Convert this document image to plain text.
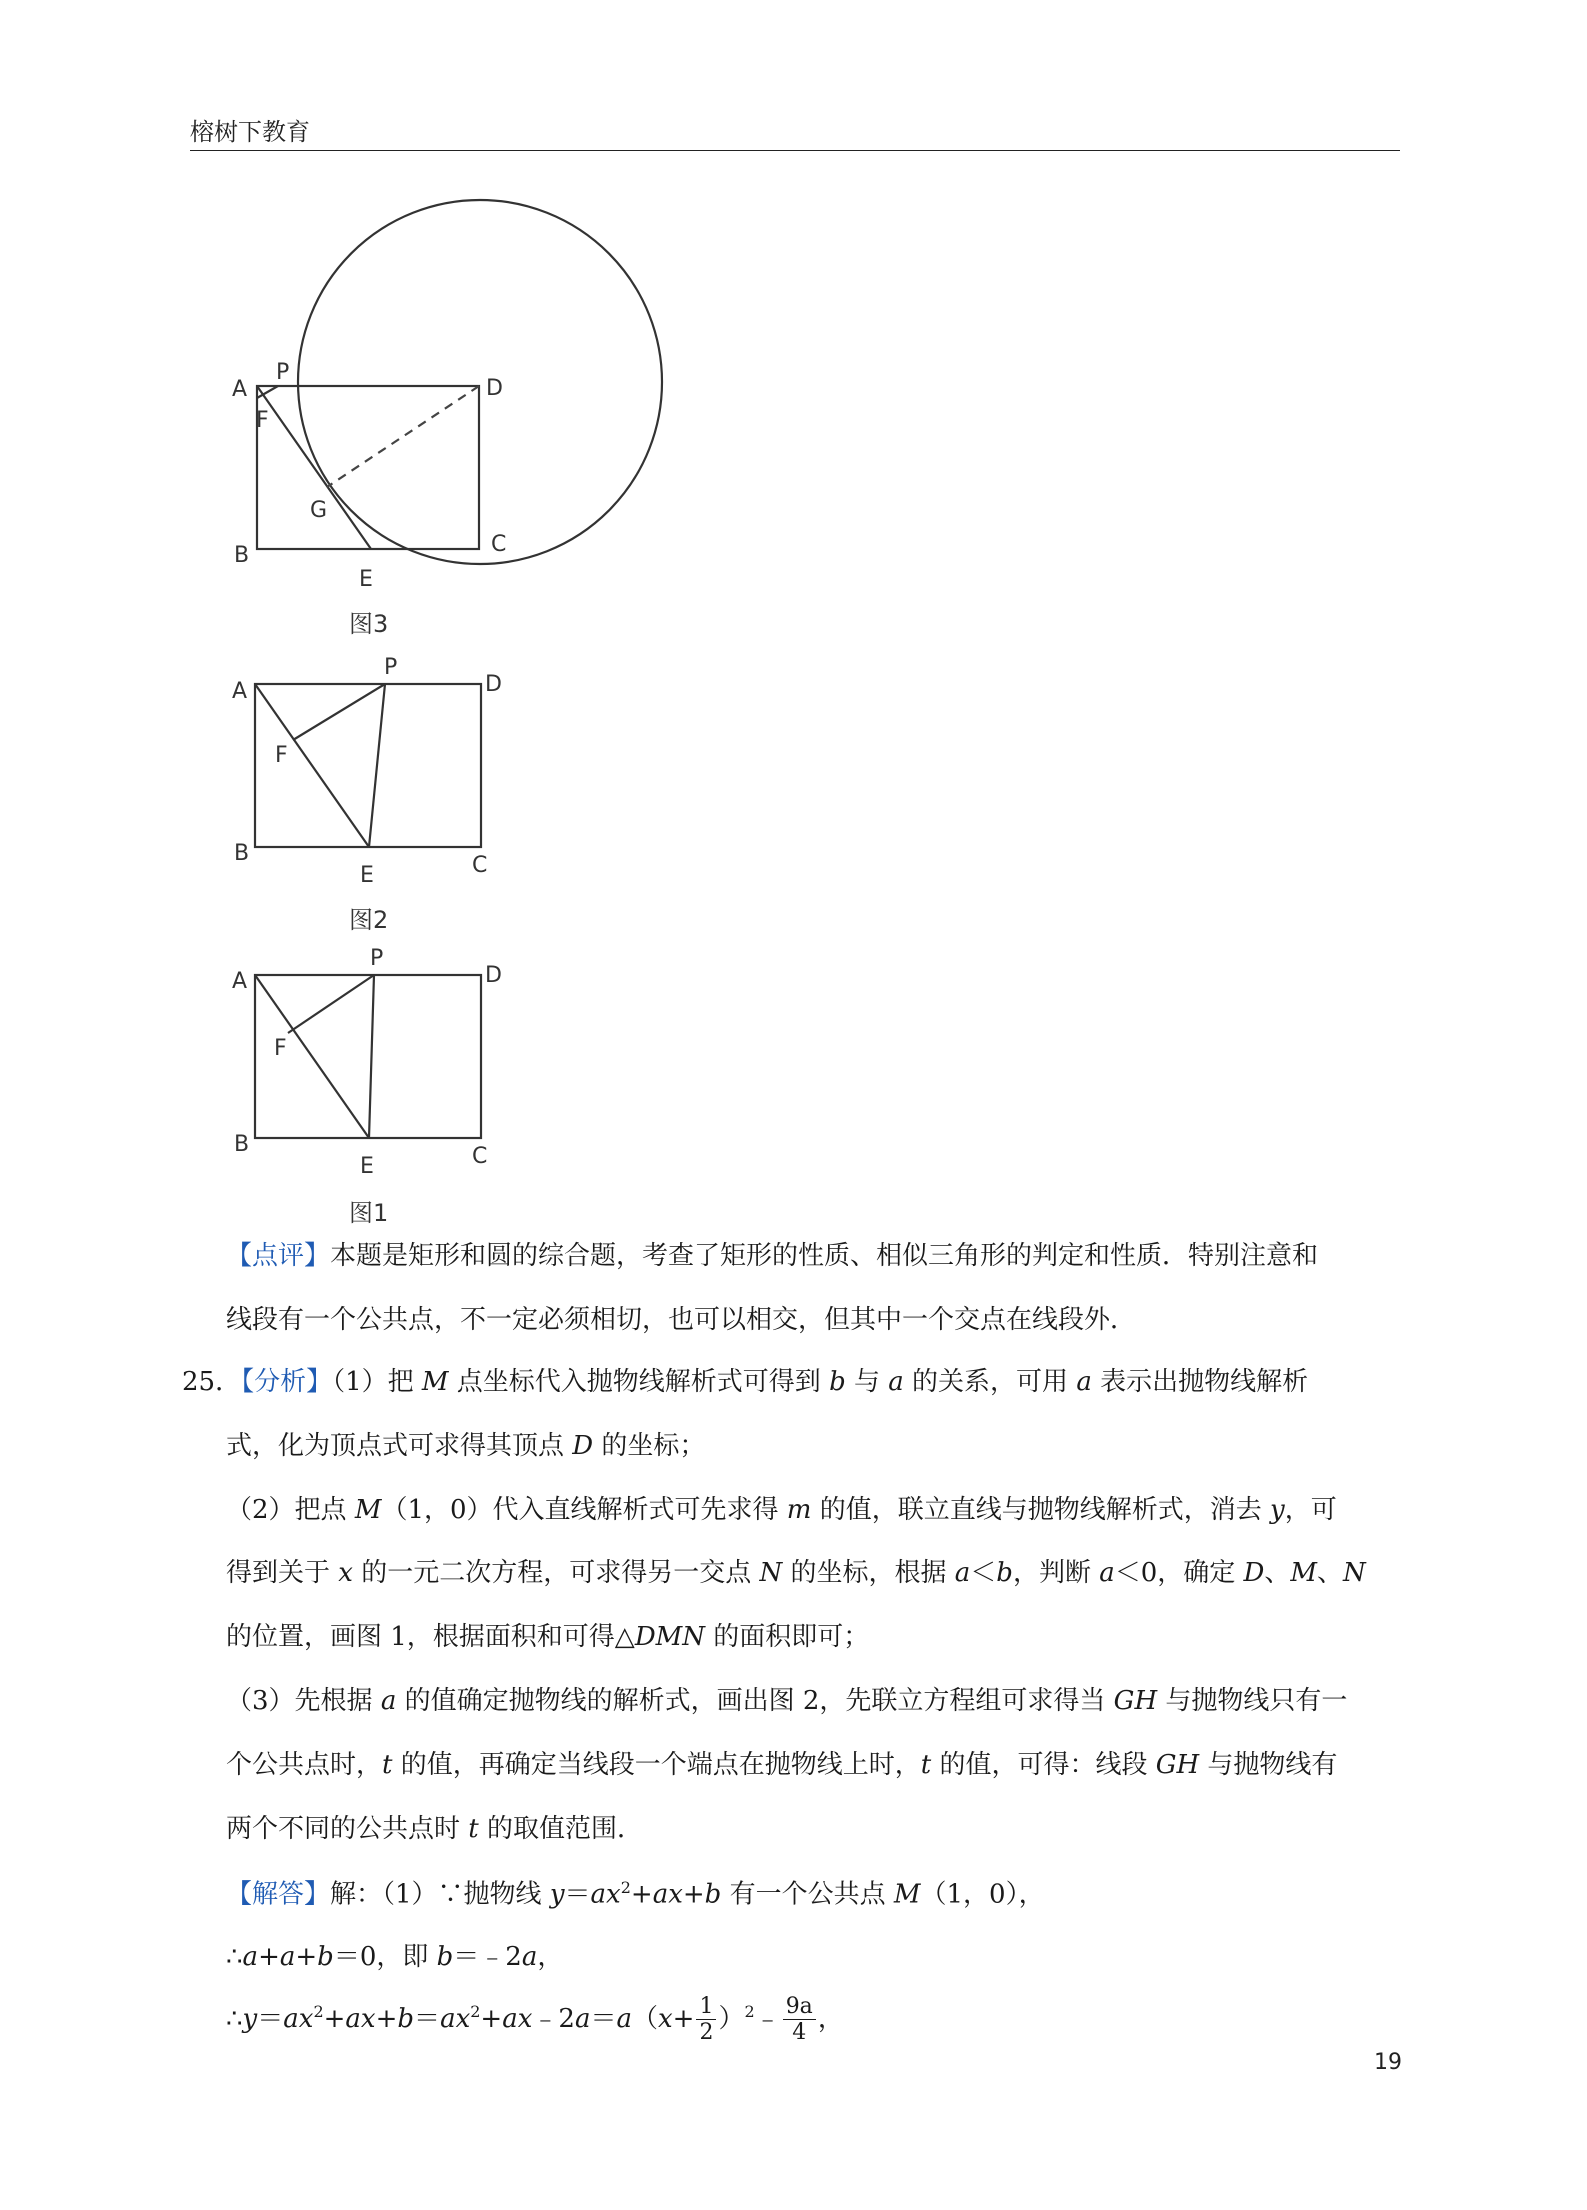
榕树下教育
A
P
D
F
G
B
E
C
图3
A
P
D
F
B
E	C
图2
A
P
D
F
B
E	C
图1
【点评】本题是矩形和圆的综合题，考查了矩形的性质、相似三角形的判定和性质．特别注意和
线段有一个公共点，不一定必须相切，也可以相交，但其中一个交点在线段外．
25．【分析】（1）把 M 点坐标代入抛物线解析式可得到 b 与 a 的关系，可用 a 表示出抛物线解析
式，化为顶点式可求得其顶点 D 的坐标；
（2）把点 M（1，0）代入直线解析式可先求得 m 的值，联立直线与抛物线解析式，消去 y，可
得到关于 x 的一元二次方程，可求得另一交点 N 的坐标，根据 a＜b，判断 a＜0，确定 D、M、N
的位置，画图 1，根据面积和可得△DMN 的面积即可；
（3）先根据 a 的值确定抛物线的解析式，画出图 2，先联立方程组可求得当 GH 与抛物线只有一
个公共点时，t 的值，再确定当线段一个端点在抛物线上时，t 的值，可得：线段 GH 与抛物线有
两个不同的公共点时 t 的取值范围．
【解答】解：（1）∵抛物线 $y=ax^2+ax+b$ 有一个公共点 M（1，0），
∴a+a+b＝0，即 b＝﹣2a，
$\therefore y=ax^2+ax+b=ax^2+ax﹣2a=a(x+ \frac{1}{2}$ ）$^2$﹣ $\frac{9a}{4}$ ，
19
